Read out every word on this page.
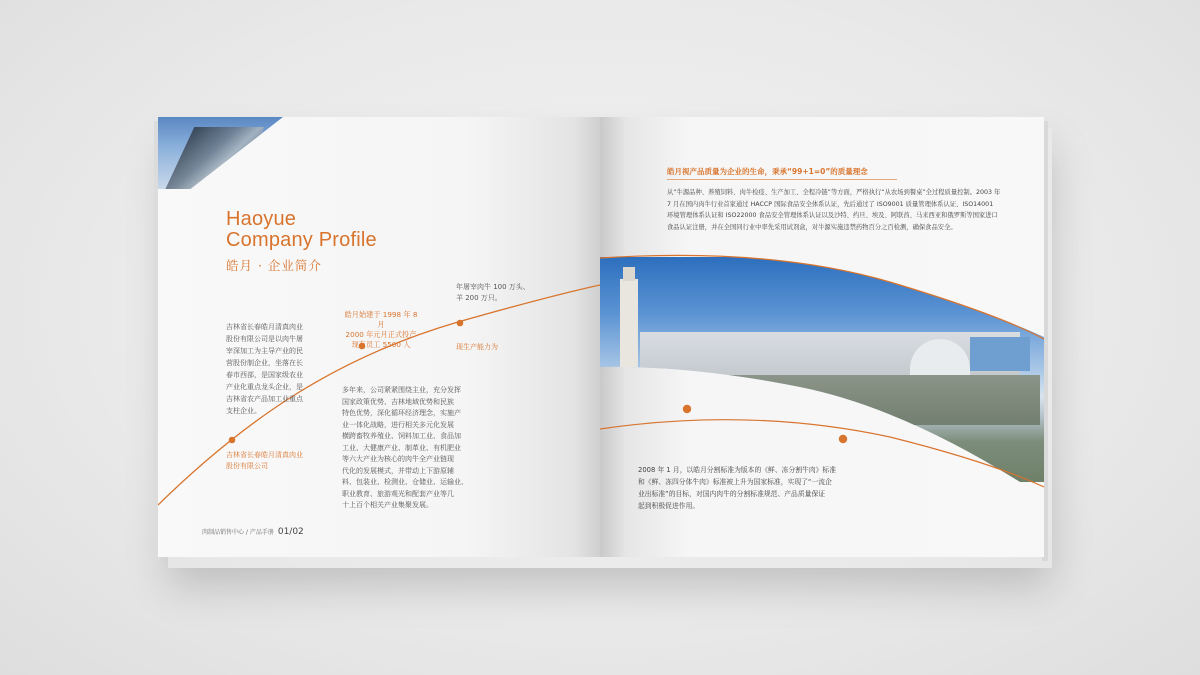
Haoyue
Company Profile
皓月 · 企业简介
吉林省长春皓月清真肉业
股份有限公司是以肉牛屠
宰深加工为主导产业的民
营股份制企业，坐落在长
春市西部，是国家级农业
产业化重点龙头企业，是
吉林省农产品加工业重点
支柱企业。
皓月始建于 1998 年 8 月
2000 年元月正式投产
现有员工 5500 人
年屠宰肉牛 100 万头、
羊 200 万只。
现生产能力为
吉林省长春皓月清真肉业
股份有限公司
多年来，公司紧紧围绕主业，充分发挥
国家政策优势、吉林地域优势和民族
特色优势，深化循环经济理念，实施产
业一体化战略，进行相关多元化发展
横跨畜牧养殖业、饲料加工业、食品加
工业、大健康产业、制革业、有机肥业
等六大产业为核心的肉牛全产业链现
代化的发展模式，并带动上下游原辅
料、包装业、检测业、仓储业、运输业、
职业教育、旅游观光和配套产业等几
十上百个相关产业集聚发展。
肉制品销售中心 / 产品手册 01/02
皓月视产品质量为企业的生命，秉承“99+1=0”的质量理念
从“牛源品种、养殖饲料、肉牛检疫、生产加工、全程冷链”等方面，严格执行“从农场到餐桌”全过程质量控制。2003 年
7 月在国内肉牛行业首家通过 HACCP 国际食品安全体系认证，先后通过了 ISO9001 质量管理体系认证、ISO14001
环境管理体系认证和 ISO22000 食品安全管理体系认证以及沙特、约旦、埃及、阿联酋、马来西亚和俄罗斯等国家进口
食品认证注册，并在全国同行业中率先采用试剂盒，对牛源实施违禁药物百分之百检测，确保食品安全。
2008 年 1 月，以皓月分割标准为版本的《鲜、冻分割牛肉》标准
和《鲜、冻四分体牛肉》标准被上升为国家标准，实现了“一流企
业出标准”的目标，对国内肉牛的分割标准规范、产品质量保证
起到积极促进作用。
